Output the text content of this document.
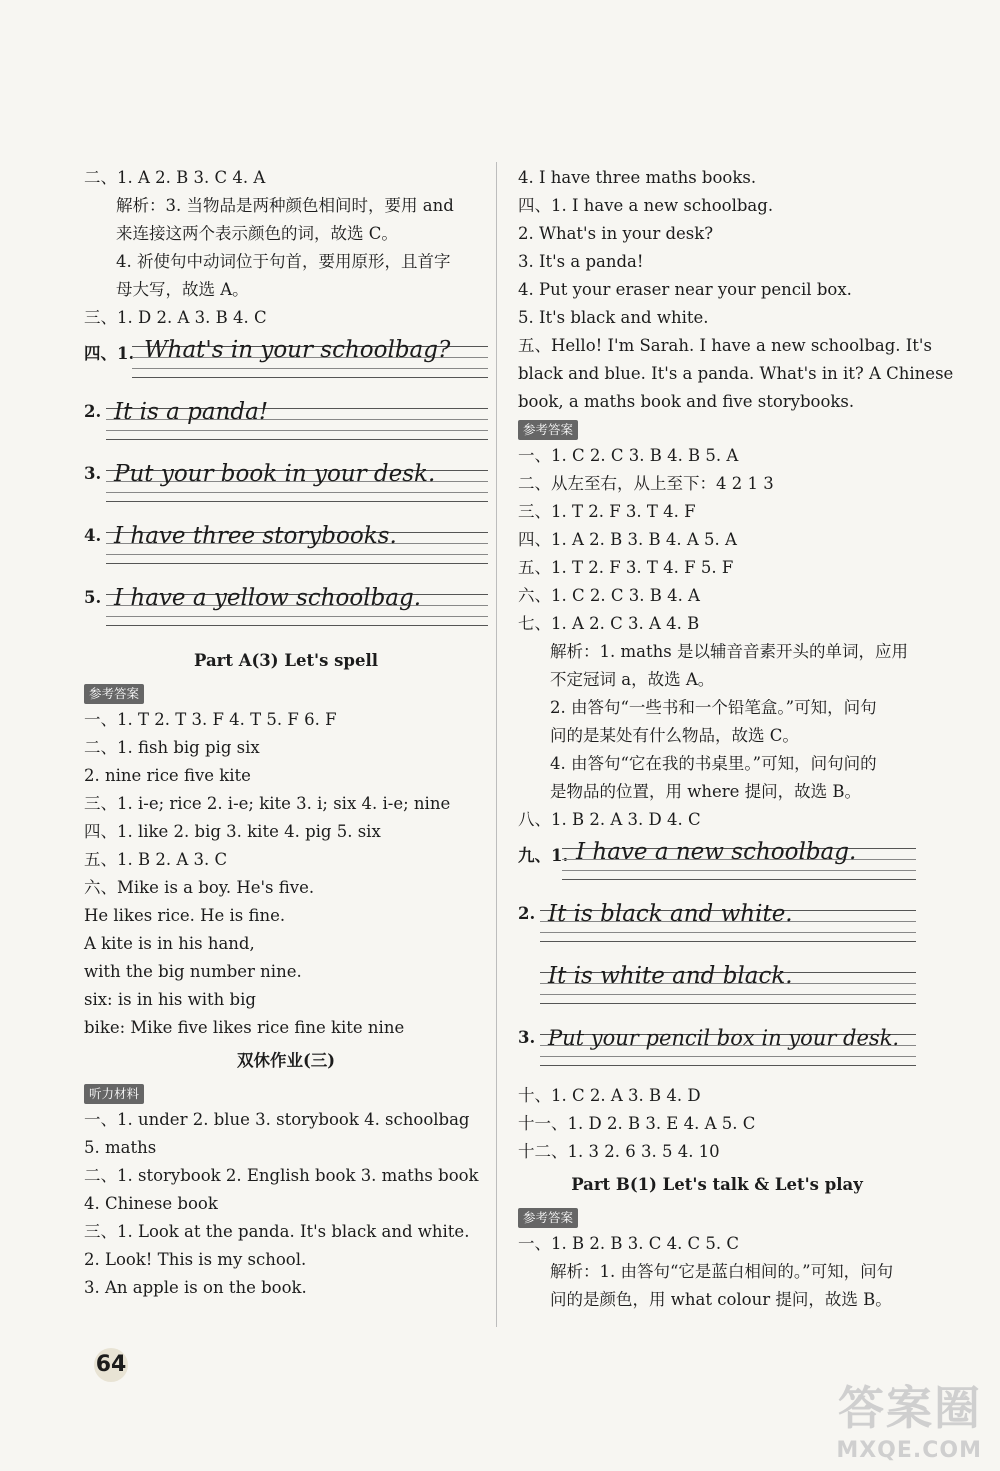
二、1. A 2. B 3. C 4. A
解析：3. 当物品是两种颜色相间时，要用 and
来连接这两个表示颜色的词，故选 C。
4. 祈使句中动词位于句首，要用原形，且首字
母大写，故选 A。
三、1. D 2. A 3. B 4. C
四、1. What's in your schoolbag?
2. It is a panda!
3. Put your book in your desk.
4. I have three storybooks.
5. I have a yellow schoolbag.
Part A(3) Let's spell
参考答案
一、1. T 2. T 3. F 4. T 5. F 6. F
二、1. fish big pig six
2. nine rice five kite
三、1. i-e; rice 2. i-e; kite 3. i; six 4. i-e; nine
四、1. like 2. big 3. kite 4. pig 5. six
五、1. B 2. A 3. C
六、Mike is a boy. He's five.
He likes rice. He is fine.
A kite is in his hand,
with the big number nine.
six: is in his with big
bike: Mike five likes rice fine kite nine
双休作业(三)
听力材料
一、1. under 2. blue 3. storybook 4. schoolbag
5. maths
二、1. storybook 2. English book 3. maths book
4. Chinese book
三、1. Look at the panda. It's black and white.
2. Look! This is my school.
3. An apple is on the book.
4. I have three maths books.
四、1. I have a new schoolbag.
2. What's in your desk?
3. It's a panda!
4. Put your eraser near your pencil box.
5. It's black and white.
五、Hello! I'm Sarah. I have a new schoolbag. It's
black and blue. It's a panda. What's in it? A Chinese
book, a maths book and five storybooks.
参考答案
一、1. C 2. C 3. B 4. B 5. A
二、从左至右，从上至下：4 2 1 3
三、1. T 2. F 3. T 4. F
四、1. A 2. B 3. B 4. A 5. A
五、1. T 2. F 3. T 4. F 5. F
六、1. C 2. C 3. B 4. A
七、1. A 2. C 3. A 4. B
解析：1. maths 是以辅音音素开头的单词，应用
不定冠词 a，故选 A。
2. 由答句“一些书和一个铅笔盒。”可知，问句
问的是某处有什么物品，故选 C。
4. 由答句“它在我的书桌里。”可知，问句问的
是物品的位置，用 where 提问，故选 B。
八、1. B 2. A 3. D 4. C
九、1. I have a new schoolbag.
2. It is black and white.
It is white and black.
3. Put your pencil box in your desk.
十、1. C 2. A 3. B 4. D
十一、1. D 2. B 3. E 4. A 5. C
十二、1. 3 2. 6 3. 5 4. 10
Part B(1) Let's talk & Let's play
参考答案
一、1. B 2. B 3. C 4. C 5. C
解析：1. 由答句“它是蓝白相间的。”可知，问句
问的是颜色，用 what colour 提问，故选 B。
64
答案圈
MXQE.COM
